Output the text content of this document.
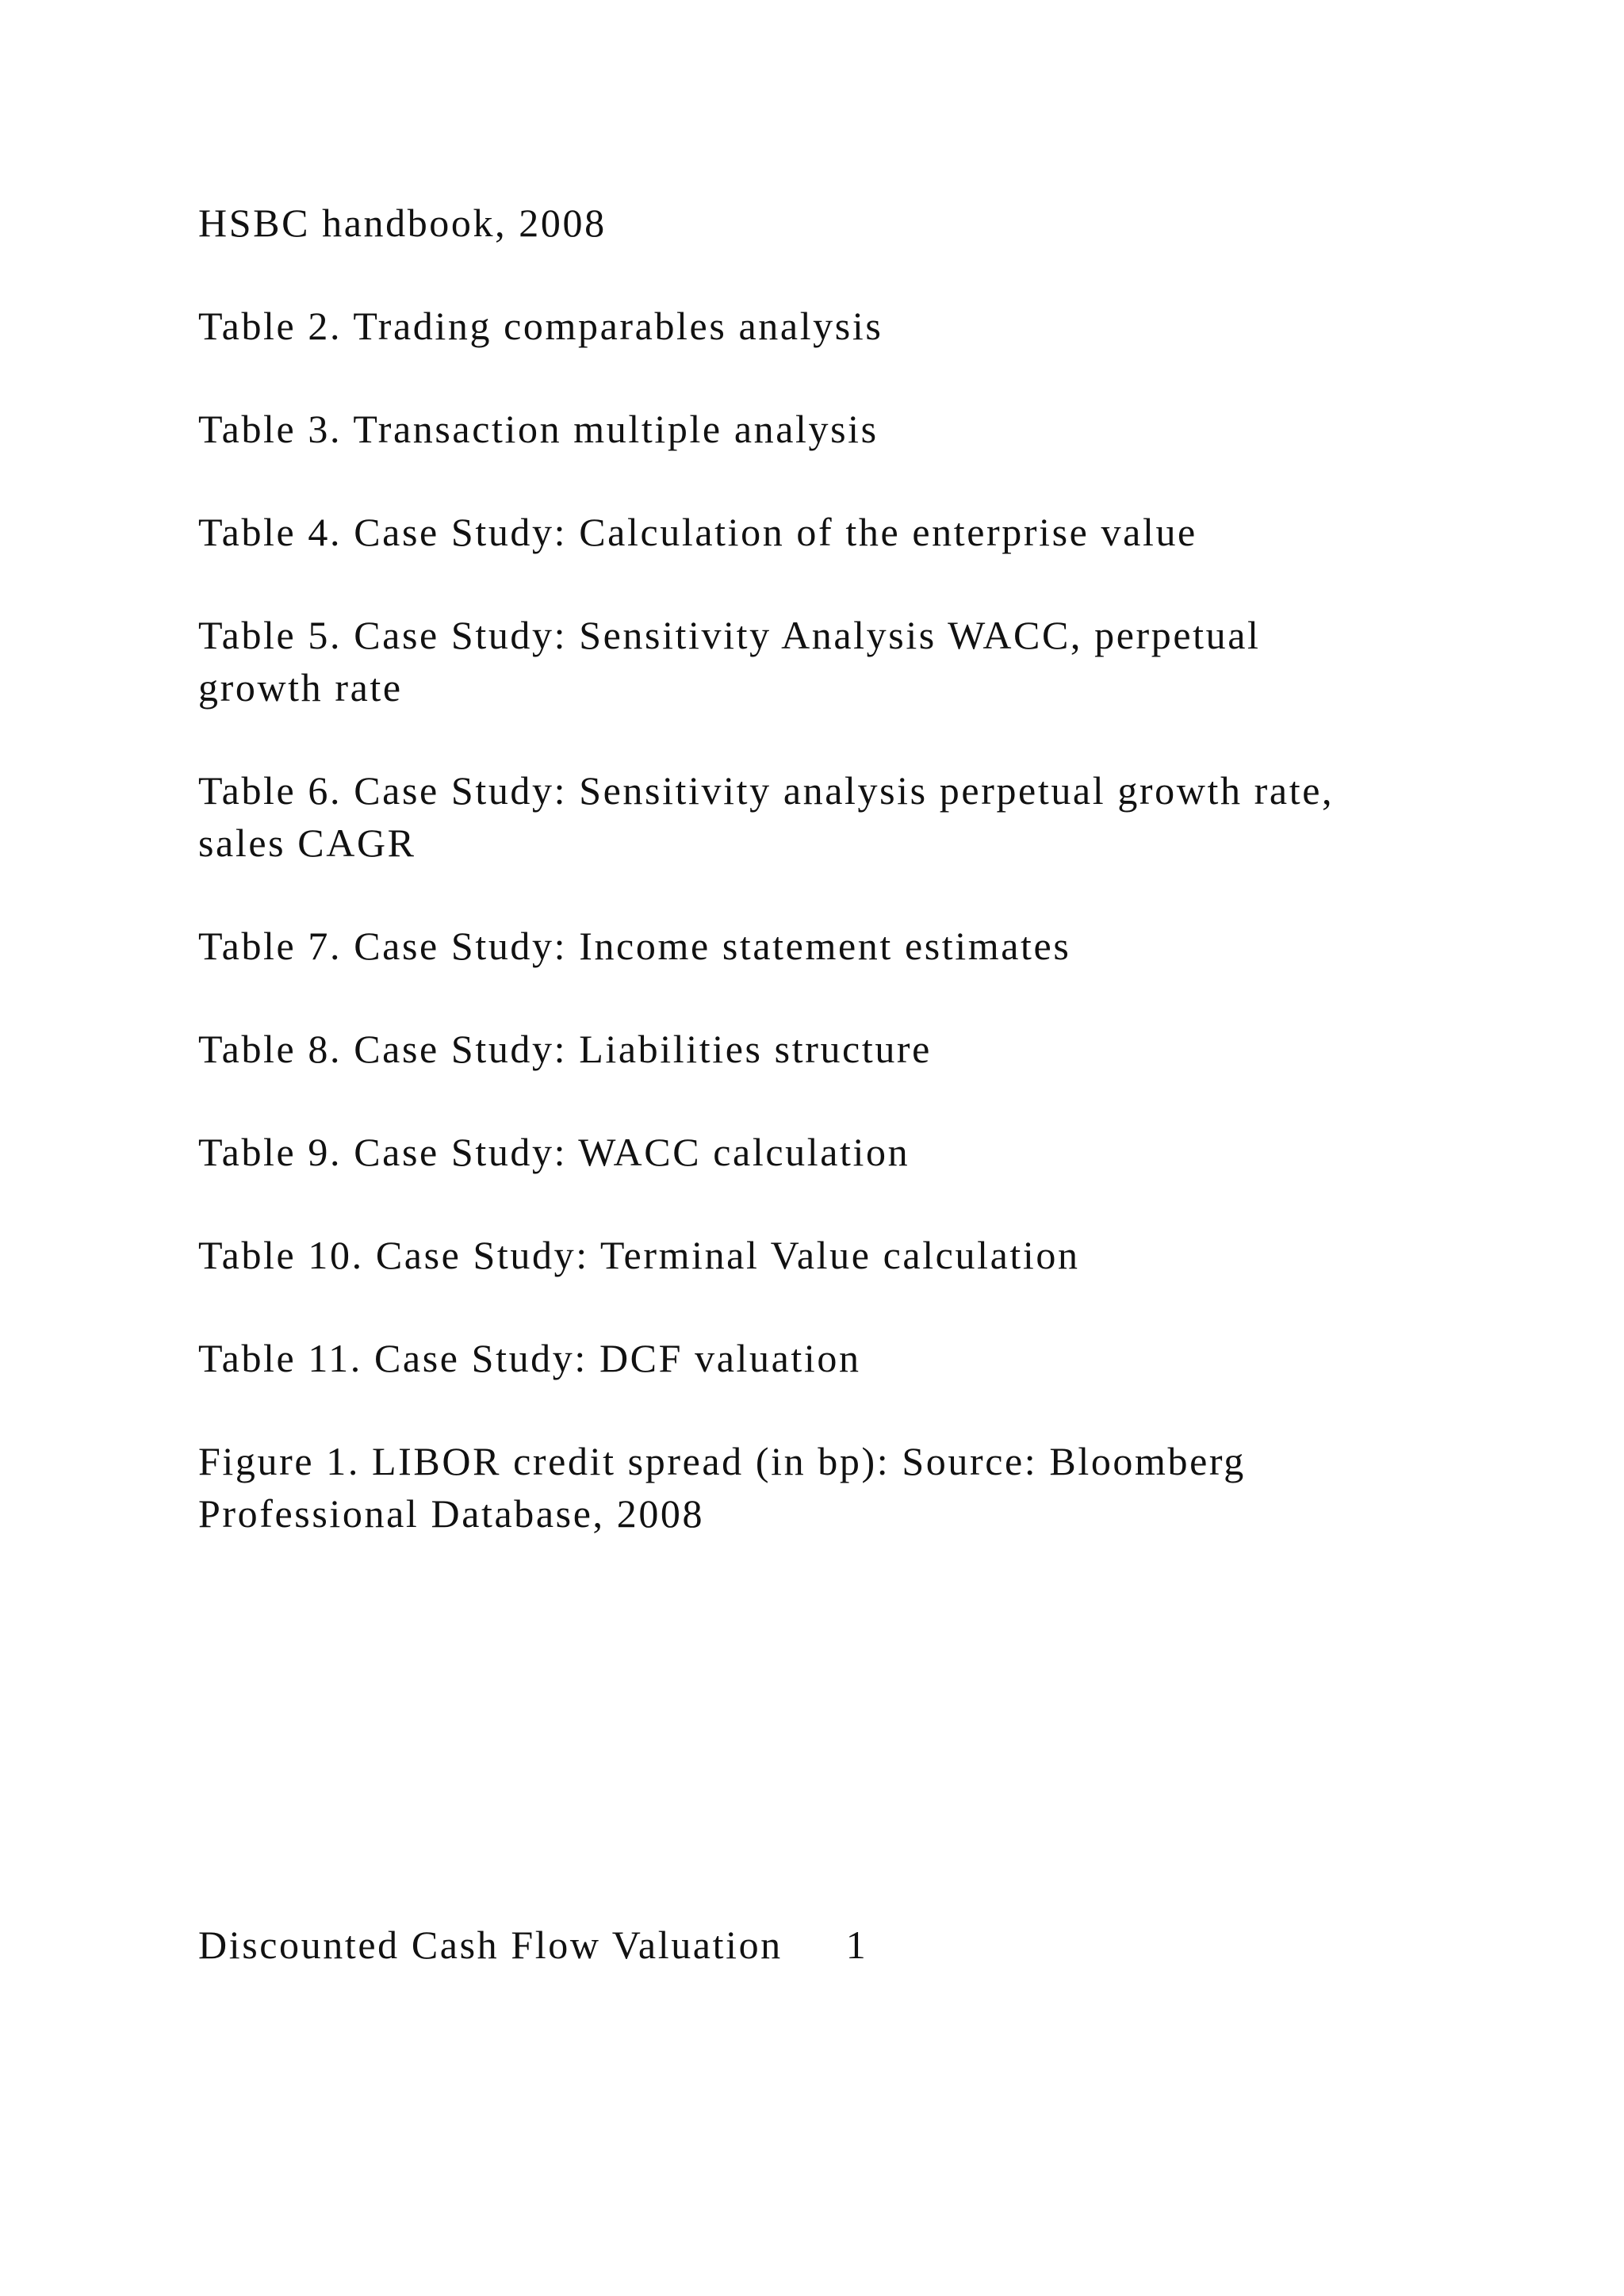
HSBC handbook, 2008
Table 2. Trading comparables analysis
Table 3. Transaction multiple analysis
Table 4. Case Study: Calculation of the enterprise value
Table 5. Case Study: Sensitivity Analysis WACC, perpetual
growth rate
Table 6. Case Study: Sensitivity analysis perpetual growth rate,
sales CAGR
Table 7. Case Study: Income statement estimates
Table 8. Case Study: Liabilities structure
Table 9. Case Study: WACC calculation
Table 10. Case Study: Terminal Value calculation
Table 11. Case Study: DCF valuation
Figure 1. LIBOR credit spread (in bp): Source: Bloomberg
Professional Database, 2008
Discounted Cash Flow Valuation 1
